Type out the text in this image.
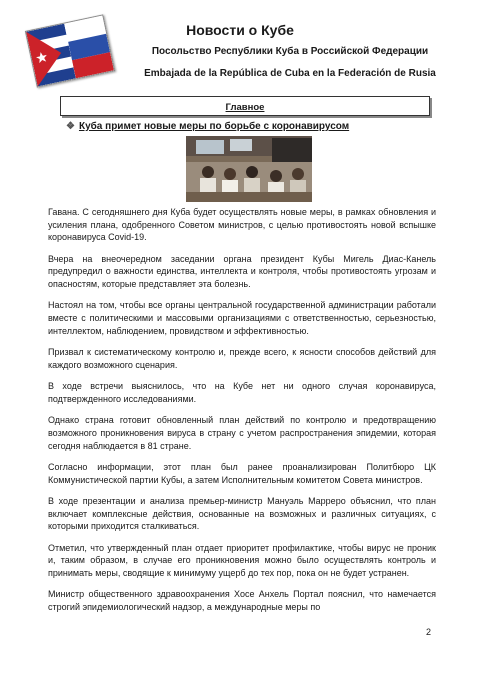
Новости о Кубе
Посольство Республики Куба в Российской Федерации
Embajada de la República de Cuba en la Federación de Rusia
Главное
❖ Куба примет новые меры по борьбе с коронавирусом

Гавана. С сегодняшнего дня Куба будет осуществлять новые меры, в рамках обновления и усиления плана, одобренного Советом министров, с целью противостоять новой вспышке коронавируса Covid-19.

Вчера на внеочередном заседании органа президент Кубы Мигель Диас-Канель предупредил о важности единства, интеллекта и контроля, чтобы противостоять угрозам и опасностям, которые представляет эта болезнь.

Настоял на том, чтобы все органы центральной государственной администрации работали вместе с политическими и массовыми организациями с ответственностью, серьезностью, интеллектом, наблюдением, провидством и эффективностью.

Призвал к систематическому контролю и, прежде всего, к ясности способов действий для каждого возможного сценария.

В ходе встречи выяснилось, что на Кубе нет ни одного случая коронавируса, подтвержденного исследованиями.

Однако страна готовит обновленный план действий по контролю и предотвращению возможного проникновения вируса в страну с учетом распространения эпидемии, которая сегодня наблюдается в 81 стране.

Согласно информации, этот план был ранее проанализирован Политбюро ЦК Коммунистической партии Кубы, а затем Исполнительным комитетом Совета министров.

В ходе презентации и анализа премьер-министр Мануэль Марреро объяснил, что план включает комплексные действия, основанные на возможных и различных ситуациях, с которыми приходится сталкиваться.

Отметил, что утвержденный план отдает приоритет профилактике, чтобы вирус не проник и, таким образом, в случае его проникновения можно было осуществлять контроль и принимать меры, сводящие к минимуму ущерб до тех пор, пока он не будет устранен.

Министр общественного здравоохранения Хосе Анхель Портал пояснил, что намечается строгий эпидемиологический надзор, а международные меры по

2
